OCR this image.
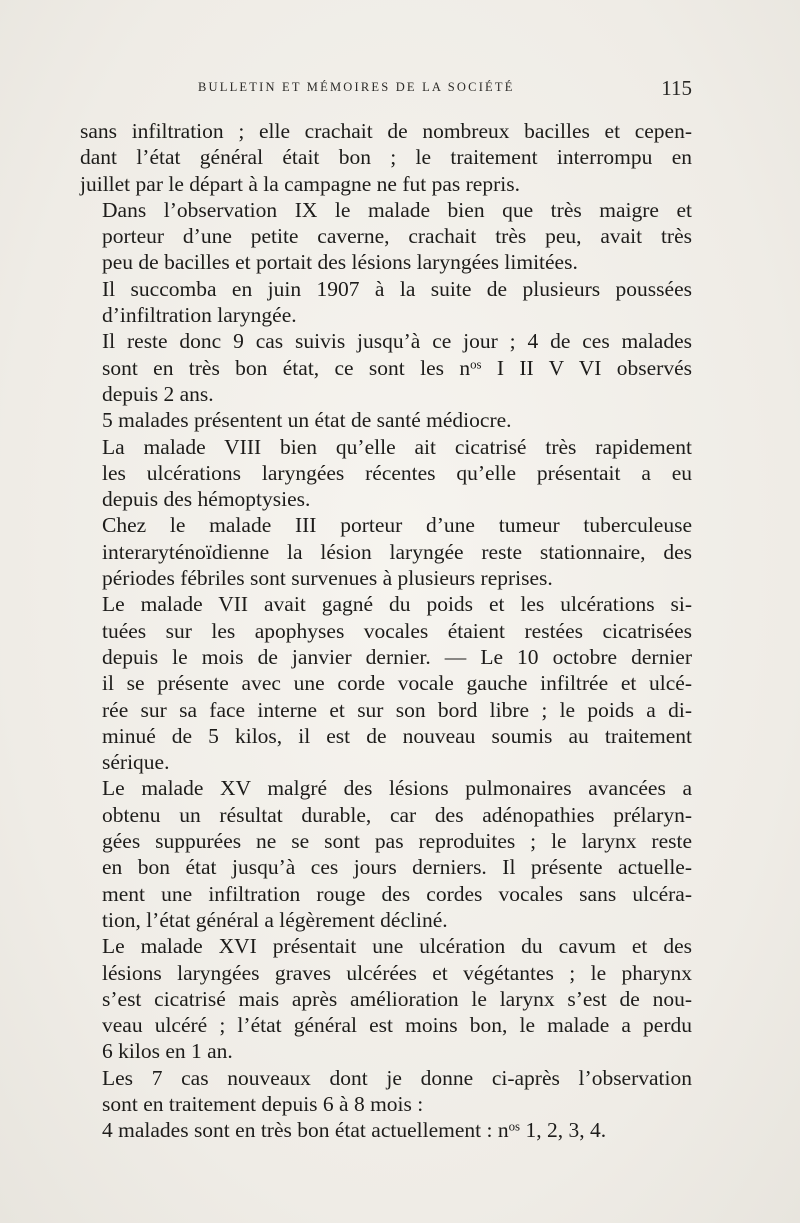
BULLETIN ET MÉMOIRES DE LA SOCIÉTÉ	115

sans infiltration ; elle crachait de nombreux bacilles et cepen-
dant l’état général était bon ; le traitement interrompu en
juillet par le départ à la campagne ne fut pas repris.

Dans l’observation IX le malade bien que très maigre et
porteur d’une petite caverne, crachait très peu, avait très
peu de bacilles et portait des lésions laryngées limitées.

Il succomba en juin 1907 à la suite de plusieurs poussées
d’infiltration laryngée.

Il reste donc 9 cas suivis jusqu’à ce jour ; 4 de ces malades
sont en très bon état, ce sont les $n^{os}$ I II V VI observés
depuis 2 ans.

5 malades présentent un état de santé médiocre.

La malade VIII bien qu’elle ait cicatrisé très rapidement
les ulcérations laryngées récentes qu’elle présentait a eu
depuis des hémoptysies.

Chez le malade III porteur d’une tumeur tuberculeuse
interaryténoïdienne la lésion laryngée reste stationnaire, des
périodes fébriles sont survenues à plusieurs reprises.

Le malade VII avait gagné du poids et les ulcérations si-
tuées sur les apophyses vocales étaient restées cicatrisées
depuis le mois de janvier dernier. — Le 10 octobre dernier
il se présente avec une corde vocale gauche infiltrée et ulcé-
rée sur sa face interne et sur son bord libre ; le poids a di-
minué de 5 kilos, il est de nouveau soumis au traitement
sérique.

Le malade XV malgré des lésions pulmonaires avancées a
obtenu un résultat durable, car des adénopathies prélaryn-
gées suppurées ne se sont pas reproduites ; le larynx reste
en bon état jusqu’à ces jours derniers. Il présente actuelle-
ment une infiltration rouge des cordes vocales sans ulcéra-
tion, l’état général a légèrement décliné.

Le malade XVI présentait une ulcération du cavum et des
lésions laryngées graves ulcérées et végétantes ; le pharynx
s’est cicatrisé mais après amélioration le larynx s’est de nou-
veau ulcéré ; l’état général est moins bon, le malade a perdu
6 kilos en 1 an.

Les 7 cas nouveaux dont je donne ci-après l’observation
sont en traitement depuis 6 à 8 mois :

4 malades sont en très bon état actuellement : $n^{os}$ 1, 2, 3, 4.
